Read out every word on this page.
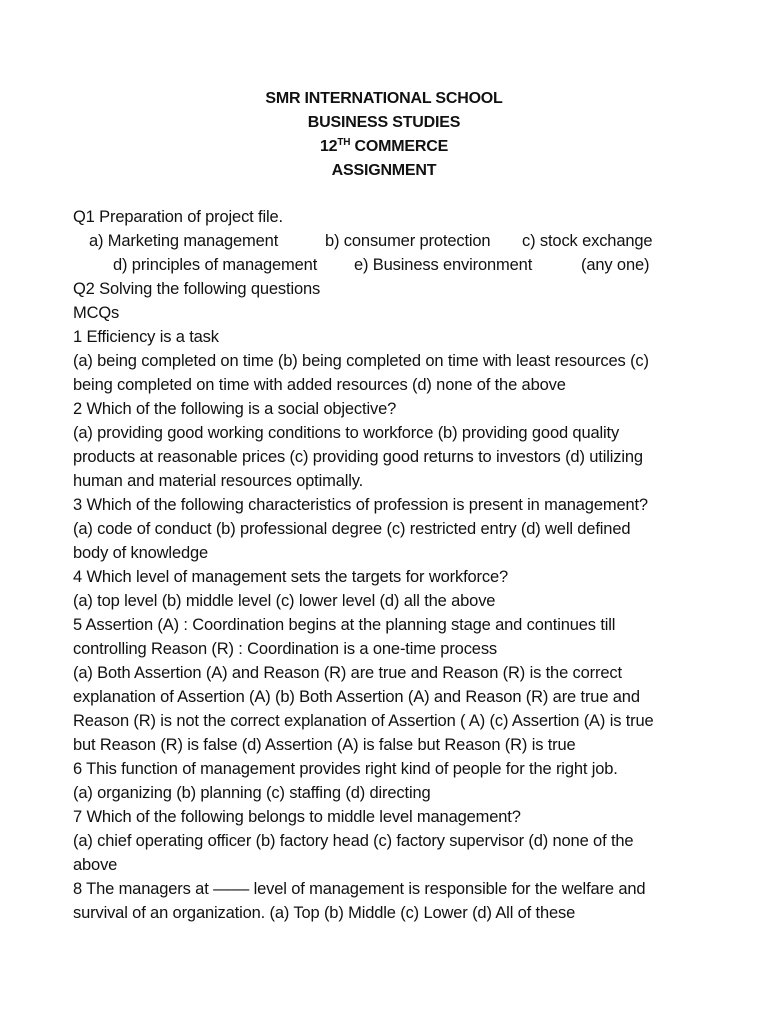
SMR INTERNATIONAL SCHOOL
BUSINESS STUDIES
12TH COMMERCE
ASSIGNMENT
Q1 Preparation of project file.
a) Marketing management	b) consumer protection c) stock exchange
d) principles of management e) Business environment	(any one)
Q2 Solving the following questions
MCQs
1 Efficiency is a task
(a) being completed on time (b) being completed on time with least resources (c)
being completed on time with added resources (d) none of the above
2 Which of the following is a social objective?
(a) providing good working conditions to workforce (b) providing good quality
products at reasonable prices (c) providing good returns to investors (d) utilizing
human and material resources optimally.
3 Which of the following characteristics of profession is present in management?
(a) code of conduct (b) professional degree (c) restricted entry (d) well defined
body of knowledge
4 Which level of management sets the targets for workforce?
(a) top level (b) middle level (c) lower level (d) all the above
5 Assertion (A) : Coordination begins at the planning stage and continues till
controlling Reason (R) : Coordination is a one-time process
(a) Both Assertion (A) and Reason (R) are true and Reason (R) is the correct
explanation of Assertion (A) (b) Both Assertion (A) and Reason (R) are true and
Reason (R) is not the correct explanation of Assertion ( A) (c) Assertion (A) is true
but Reason (R) is false (d) Assertion (A) is false but Reason (R) is true
6 This function of management provides right kind of people for the right job.
(a) organizing (b) planning (c) staffing (d) directing
7 Which of the following belongs to middle level management?
(a) chief operating officer (b) factory head (c) factory supervisor (d) none of the
above
8 The managers at –––– level of management is responsible for the welfare and
survival of an organization. (a) Top (b) Middle (c) Lower (d) All of these
